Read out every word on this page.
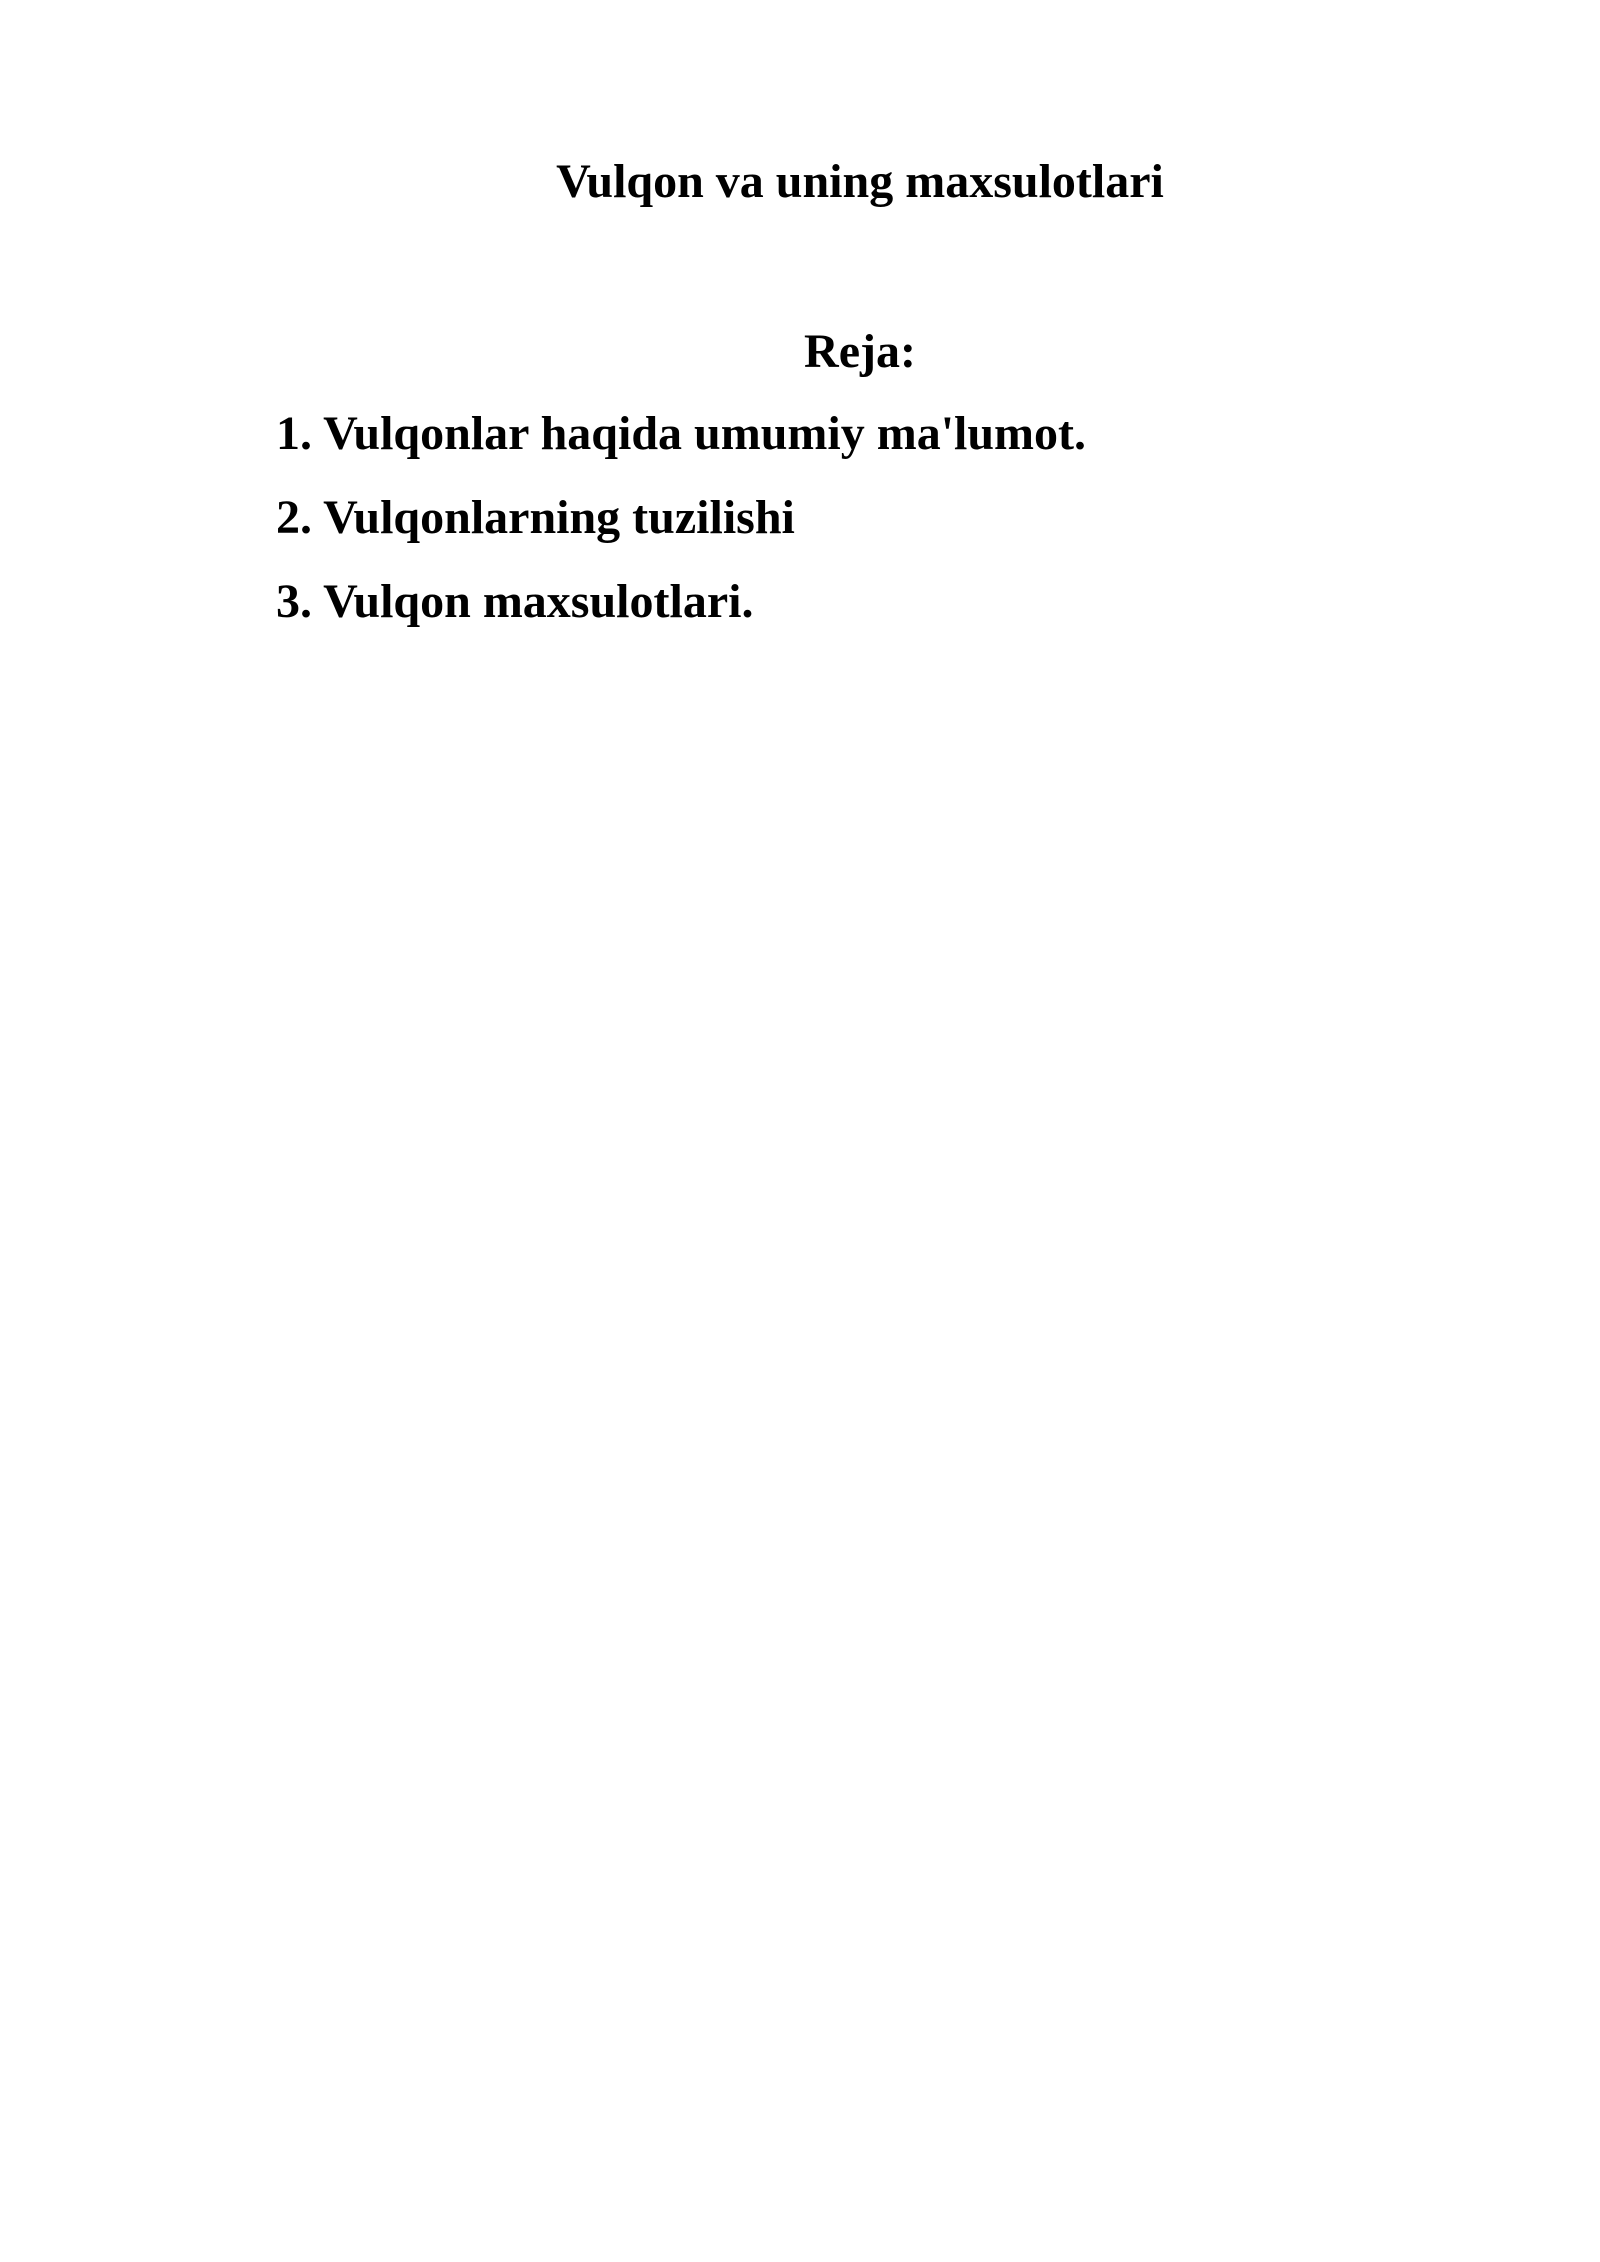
Vulqon va uning maxsulotlari
Reja:
1. Vulqonlar haqida umumiy ma'lumot.
2. Vulqonlarning tuzilishi
3. Vulqon maxsulotlari.
